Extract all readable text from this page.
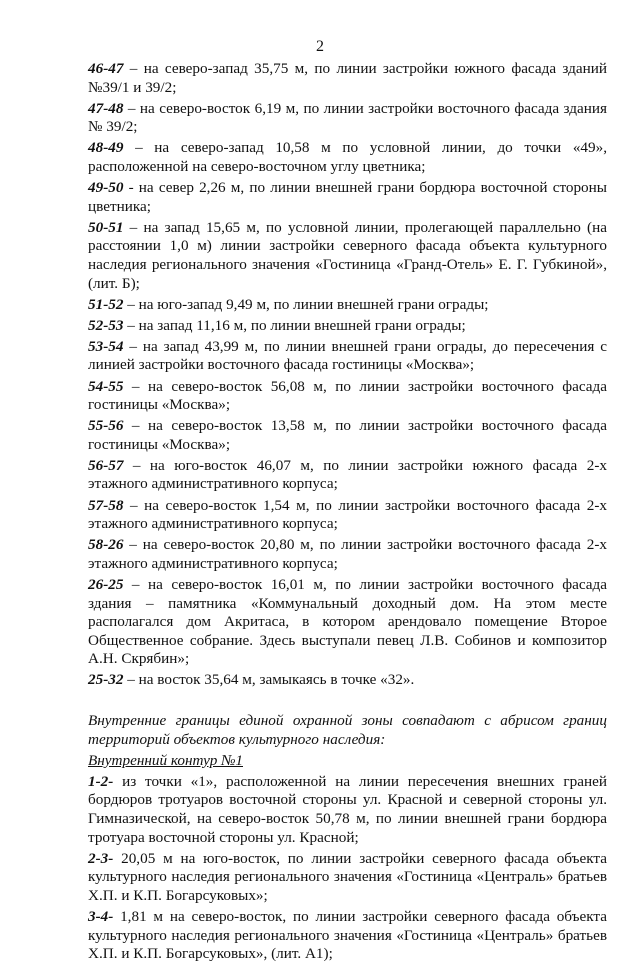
2

46-47 – на северо-запад 35,75 м, по линии застройки южного фасада зданий №39/1 и 39/2;

47-48 – на северо-восток 6,19 м, по линии застройки восточного фасада здания № 39/2;

48-49 – на северо-запад 10,58 м по условной линии, до точки «49», расположенной на северо-восточном углу цветника;

49-50 - на север 2,26 м, по линии внешней грани бордюра восточной стороны цветника;

50-51 – на запад 15,65 м, по условной линии, пролегающей параллельно (на расстоянии 1,0 м) линии застройки северного фасада объекта культурного наследия регионального значения «Гостиница «Гранд-Отель» Е. Г. Губкиной», (лит. Б);

51-52 – на юго-запад 9,49 м, по линии внешней грани ограды;

52-53 – на запад 11,16 м, по линии внешней грани ограды;

53-54 – на запад 43,99 м, по линии внешней грани ограды, до пересечения с линией застройки восточного фасада гостиницы «Москва»;

54-55 – на северо-восток 56,08 м, по линии застройки восточного фасада гостиницы «Москва»;

55-56 – на северо-восток 13,58 м, по линии застройки восточного фасада гостиницы «Москва»;

56-57 – на юго-восток 46,07 м, по линии застройки южного фасада 2-х этажного административного корпуса;

57-58 – на северо-восток 1,54 м, по линии застройки восточного фасада 2-х этажного административного корпуса;

58-26 – на северо-восток 20,80 м, по линии застройки восточного фасада 2-х этажного административного корпуса;

26-25 – на северо-восток 16,01 м, по линии застройки восточного фасада здания – памятника «Коммунальный доходный дом. На этом месте располагался дом Акритаса, в котором арендовало помещение Второе Общественное собрание. Здесь выступали певец Л.В. Собинов и композитор А.Н. Скрябин»;

25-32 – на восток 35,64 м, замыкаясь в точке «32».

Внутренние границы единой охранной зоны совпадают с абрисом границ территорий объектов культурного наследия:

Внутренний контур №1

1-2- из точки «1», расположенной на линии пересечения внешних граней бордюров тротуаров восточной стороны ул. Красной и северной стороны ул. Гимназической, на северо-восток 50,78 м, по линии внешней грани бордюра тротуара восточной стороны ул. Красной;

2-3- 20,05 м на юго-восток, по линии застройки северного фасада объекта культурного наследия регионального значения «Гостиница «Централь» братьев Х.П. и К.П. Богарсуковых»;

3-4- 1,81 м на северо-восток, по линии застройки северного фасада объекта культурного наследия регионального значения «Гостиница «Централь» братьев Х.П. и К.П. Богарсуковых», (лит. А1);
